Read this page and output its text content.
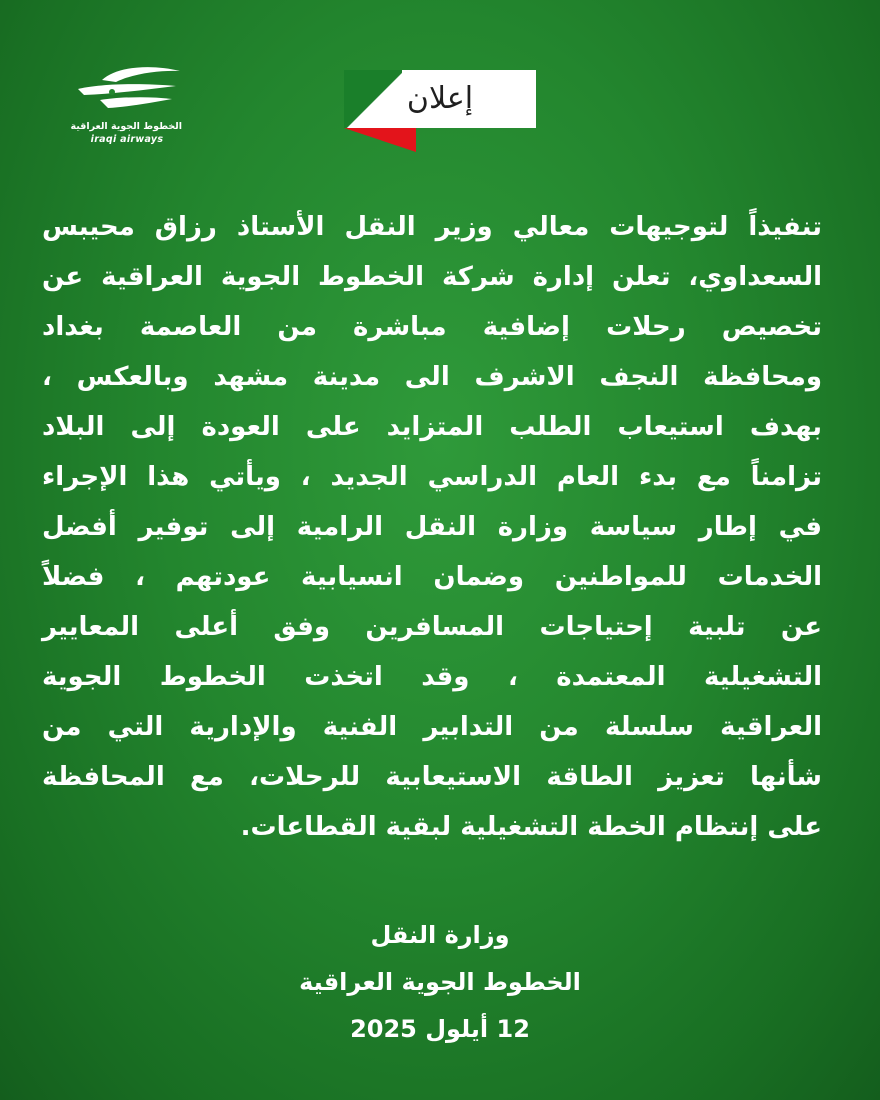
الخطوط الجوية العراقية
iraqi airways
إعلان
تنفيذاً لتوجيهات معالي وزير النقل الأستاذ رزاق محيبس
السعداوي، تعلن إدارة شركة الخطوط الجوية العراقية عن
تخصيص رحلات إضافية مباشرة من العاصمة بغداد
ومحافظة النجف الاشرف الى مدينة مشهد وبالعكس ،
بهدف استيعاب الطلب المتزايد على العودة إلى البلاد
تزامناً مع بدء العام الدراسي الجديد ، ويأتي هذا الإجراء
في إطار سياسة وزارة النقل الرامية إلى توفير أفضل
الخدمات للمواطنين وضمان انسيابية عودتهم ، فضلاً
عن تلبية إحتياجات المسافرين وفق أعلى المعايير
التشغيلية المعتمدة ، وقد اتخذت الخطوط الجوية
العراقية سلسلة من التدابير الفنية والإدارية التي من
شأنها تعزيز الطاقة الاستيعابية للرحلات، مع المحافظة
على إنتظام الخطة التشغيلية لبقية القطاعات.
وزارة النقل
الخطوط الجوية العراقية
12 أيلول 2025
